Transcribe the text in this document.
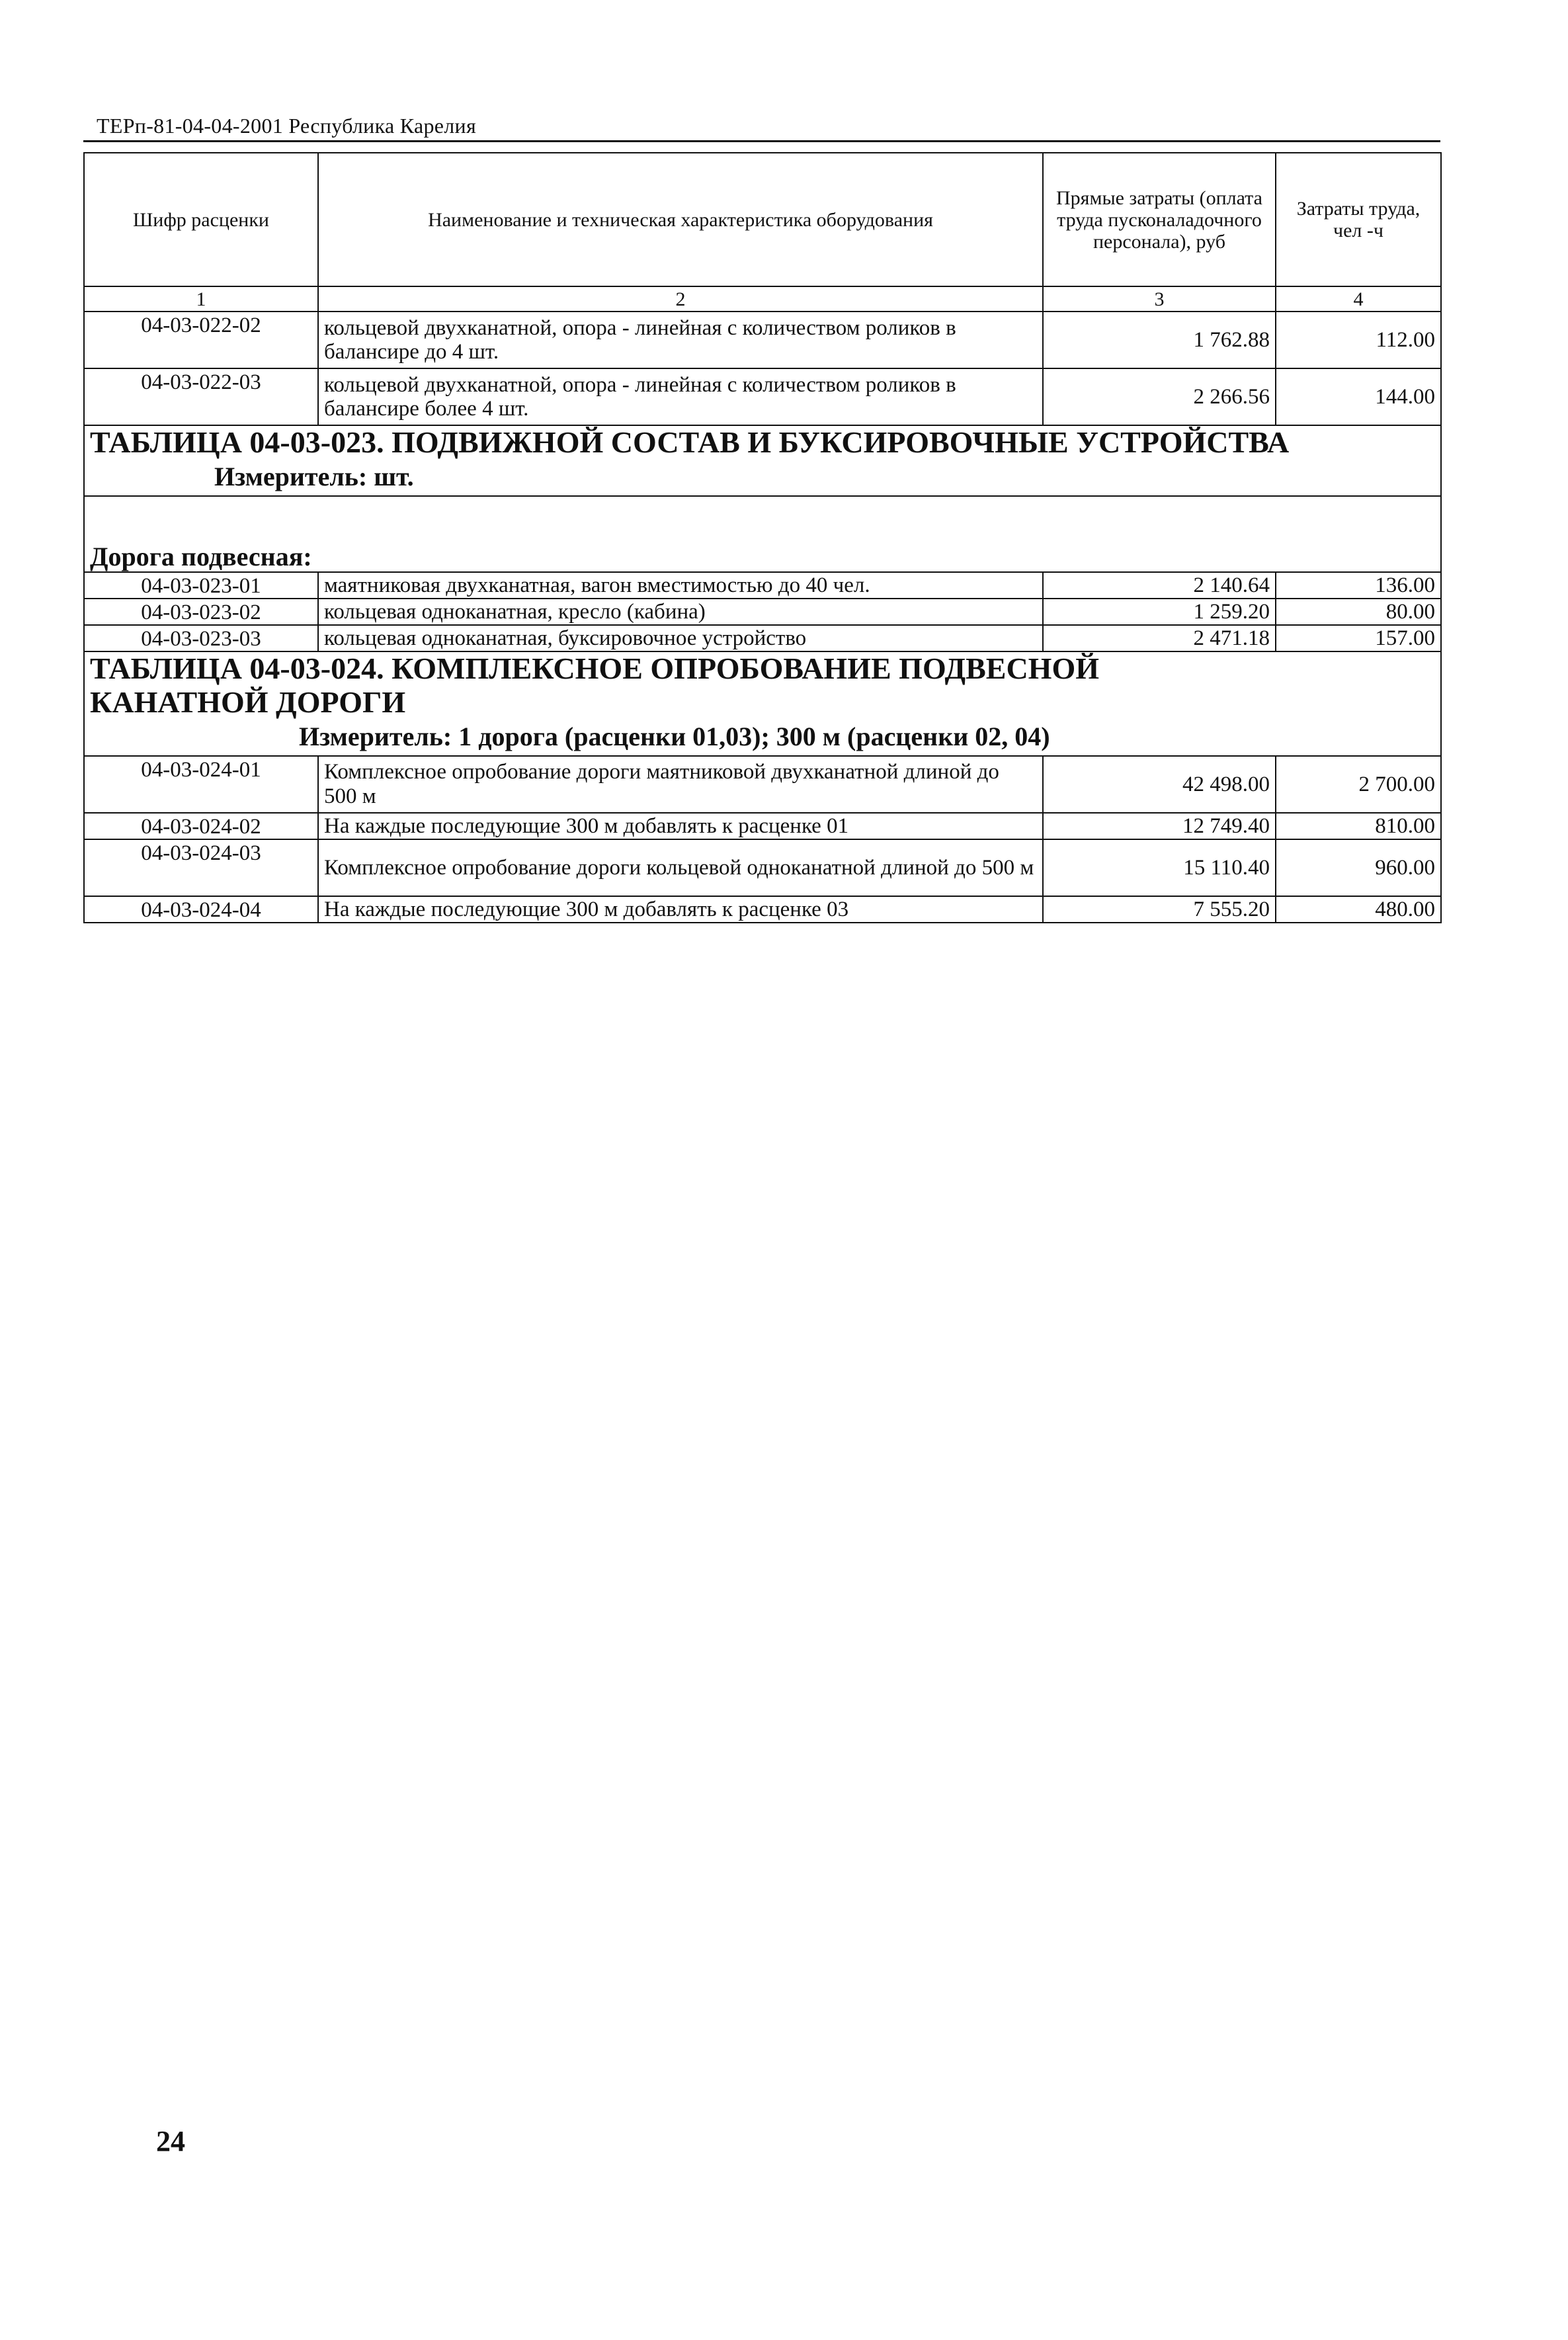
ТЕРп-81-04-04-2001 Республика Карелия
Шифр расценки	Наименование и техническая характеристика оборудования	Прямые затраты (оплата труда пусконаладочного персонала), руб	Затраты труда, чел -ч
1	2	3	4
04-03-022-02	кольцевой двухканатной, опора - линейная с количеством роликов в балансире до 4 шт.	1 762.88	112.00
04-03-022-03	кольцевой двухканатной, опора - линейная с количеством роликов в балансире более 4 шт.	2 266.56	144.00

ТАБЛИЦА 04-03-023. ПОДВИЖНОЙ СОСТАВ И БУКСИРОВОЧНЫЕ УСТРОЙСТВА
Измеритель: шт.			

Дорога подвесная:			
04-03-023-01	маятниковая двухканатная, вагон вместимостью до 40 чел.	2 140.64	136.00
04-03-023-02	кольцевая одноканатная, кресло (кабина)	1 259.20	80.00
04-03-023-03	кольцевая одноканатная, буксировочное устройство	2 471.18	157.00

ТАБЛИЦА 04-03-024. КОМПЛЕКСНОЕ ОПРОБОВАНИЕ ПОДВЕСНОЙ КАНАТНОЙ ДОРОГИ
Измеритель: 1 дорога (расценки 01,03); 300 м (расценки 02, 04)			

04-03-024-01	Комплексное опробование дороги маятниковой двухканатной длиной до 500 м	42 498.00	2 700.00
04-03-024-02	На каждые последующие 300 м добавлять к расценке 01	12 749.40	810.00
04-03-024-03	Комплексное опробование дороги кольцевой одноканатной длиной до 500 м	15 110.40	960.00
04-03-024-04	На каждые последующие 300 м добавлять к расценке 03	7 555.20	480.00
24
